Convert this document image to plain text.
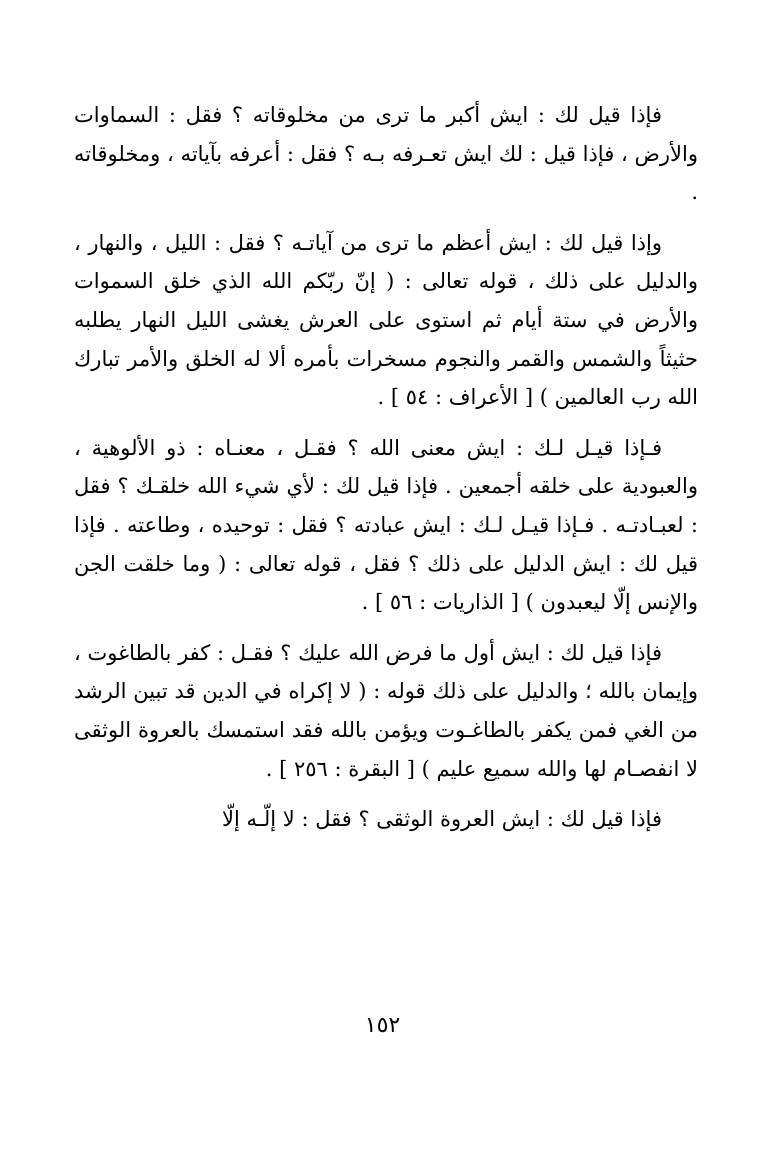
فإذا قيل لك : ايش أكبر ما ترى من مخلوقاته ؟ فقل : السماوات والأرض ، فإذا قيل : لك ايش تعـرفه بـه ؟ فقل : أعرفه بآياته ، ومخلوقاته .

وإذا قيل لك : ايش أعظم ما ترى من آياتـه ؟ فقل : الليل ، والنهار ، والدليل على ذلك ، قوله تعالى : ( إنّ ربّكم الله الذي خلق السموات والأرض في ستة أيام ثم استوى على العرش يغشى الليل النهار يطلبه حثيثاً والشمس والقمر والنجوم مسخرات بأمره ألا له الخلق والأمر تبارك الله رب العالمين ) [ الأعراف : ٥٤ ] .

فـإذا قيـل لـك : ايش معنى الله ؟ فقـل ، معنـاه : ذو الألوهية ، والعبودية على خلقه أجمعين . فإذا قيل لك : لأي شيء الله خلقـك ؟ فقل : لعبـادتـه . فـإذا قيـل لـك : ايش عبادته ؟ فقل : توحيده ، وطاعته . فإذا قيل لك : ايش الدليل على ذلك ؟ فقل ، قوله تعالى : ( وما خلقت الجن والإنس إلّا ليعبدون ) [ الذاريات : ٥٦ ] .

فإذا قيل لك : ايش أول ما فرض الله عليك ؟ فقـل : كفر بالطاغوت ، وإيمان بالله ؛ والدليل على ذلك قوله : ( لا إكراه في الدين قد تبين الرشد من الغي فمن يكفر بالطاغـوت ويؤمن بالله فقد استمسك بالعروة الوثقى لا انفصـام لها والله سميع عليم ) [ البقرة : ٢٥٦ ] .

فإذا قيل لك : ايش العروة الوثقى ؟ فقل : لا إلّـه إلّا

١٥٢
